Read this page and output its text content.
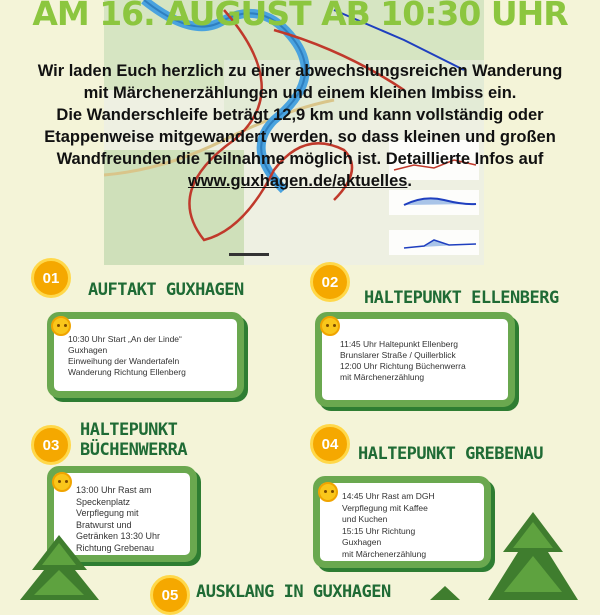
AM 16. AUGUST AB 10:30 UHR

Wir laden Euch herzlich zu einer abwechslungsreichen Wanderung

mit Märchenerzählungen und einem kleinen Imbiss ein.

Die Wanderschleife beträgt 12,9 km und kann vollständig oder

Etappenweise mitgewandert werden, so dass kleinen und großen

Wandfreunden die Teilnahme möglich ist. Detaillierte Infos auf

www.guxhagen.de/aktuelles.

01
AUFTAKT GUXHAGEN
10:30 Uhr Start „An der Linde“
Guxhagen
Einweihung der Wandertafeln
Wanderung Richtung Ellenberg
02
HALTEPUNKT ELLENBERG
11:45 Uhr Haltepunkt Ellenberg
Brunslarer Straße / Quillerblick
12:00 Uhr Richtung Büchenwerra
mit Märchenerzählung
03
HALTEPUNKT
BÜCHENWERRA
13:00 Uhr Rast am
Speckenplatz
Verpflegung mit
Bratwurst und
Getränken 13:30 Uhr
Richtung Grebenau
04	HALTEPUNKT GREBENAU
14:45 Uhr Rast am DGH
Verpflegung mit Kaffee
und Kuchen
15:15 Uhr Richtung
Guxhagen
mit Märchenerzählung
05	AUSKLANG IN GUXHAGEN
